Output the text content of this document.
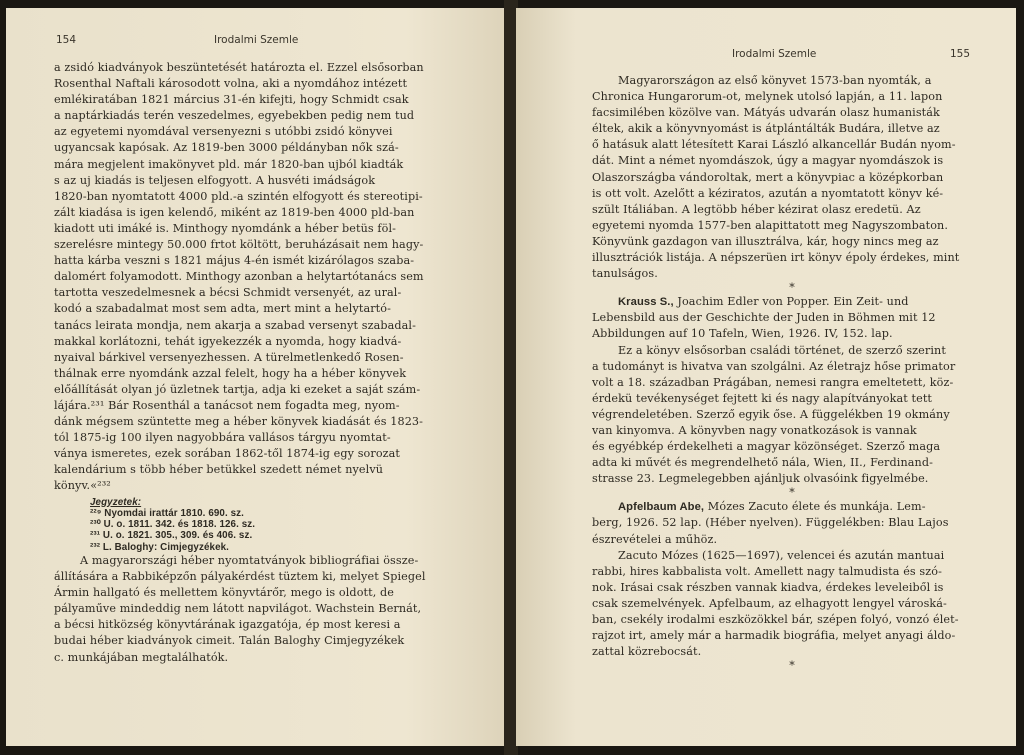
154	Irodalmi Szemle
a zsidó kiadványok beszüntetését határozta el. Ezzel elsősorban
Rosenthal Naftali károsodott volna, aki a nyomdához intézett
emlékiratában 1821 március 31-én kifejti, hogy Schmidt csak
a naptárkiadás terén veszedelmes, egyebekben pedig nem tud
az egyetemi nyomdával versenyezni s utóbbi zsidó könyvei
ugyancsak kapósak. Az 1819-ben 3000 példányban nők szá-
mára megjelent imakönyvet pld. már 1820-ban ujból kiadták
s az uj kiadás is teljesen elfogyott. A husvéti imádságok
1820-ban nyomtatott 4000 pld.-a szintén elfogyott és stereotipi-
zált kiadása is igen kelendő, miként az 1819-ben 4000 pld-ban
kiadott uti imáké is. Minthogy nyomdánk a héber betüs föl-
szerelésre mintegy 50.000 frtot költött, beruházásait nem hagy-
hatta kárba veszni s 1821 május 4-én ismét kizárólagos szaba-
dalomért folyamodott. Minthogy azonban a helytartótanács sem
tartotta veszedelmesnek a bécsi Schmidt versenyét, az ural-
kodó a szabadalmat most sem adta, mert mint a helytartó-
tanács leirata mondja, nem akarja a szabad versenyt szabadal-
makkal korlátozni, tehát igyekezzék a nyomda, hogy kiadvá-
nyaival bárkivel versenyezhessen. A türelmetlenkedő Rosen-
thálnak erre nyomdánk azzal felelt, hogy ha a héber könyvek
előállítását olyan jó üzletnek tartja, adja ki ezeket a saját szám-
lájára.²³¹ Bár Rosenthál a tanácsot nem fogadta meg, nyom-
dánk mégsem szüntette meg a héber könyvek kiadását és 1823-
tól 1875-ig 100 ilyen nagyobbára vallásos tárgyu nyomtat-
ványa ismeretes, ezek sorában 1862-től 1874-ig egy sorozat
kalendárium s több héber betükkel szedett német nyelvü
könyv.«²³²
Jegyzetek:
²²⁹ Nyomdai irattár 1810. 690. sz.
²³⁰ U. o. 1811. 342. és 1818. 126. sz.
²³¹ U. o. 1821. 305., 309. és 406. sz.
²³² L. Baloghy: Cimjegyzékek.
A magyarországi héber nyomtatványok bibliográfiai össze-
állítására a Rabbiképzőn pályakérdést tüztem ki, melyet Spiegel
Ármin hallgató és mellettem könyvtárőr, mego is oldott, de
pályaműve mindeddig nem látott napvilágot. Wachstein Bernát,
a bécsi hitközség könyvtárának igazgatója, ép most keresi a
budai héber kiadványok cimeit. Talán Baloghy Cimjegyzékek
c. munkájában megtalálhatók.
Irodalmi Szemle	155
Magyarországon az első könyvet 1573-ban nyomták, a
Chronica Hungarorum-ot, melynek utolsó lapján, a 11. lapon
facsimilében közölve van. Mátyás udvarán olasz humanisták
éltek, akik a könyvnyomást is átplántálták Budára, illetve az
ő hatásuk alatt létesített Karai László alkancellár Budán nyom-
dát. Mint a német nyomdászok, úgy a magyar nyomdászok is
Olaszországba vándoroltak, mert a könyvpiac a középkorban
is ott volt. Azelőtt a kéziratos, azután a nyomtatott könyv ké-
szült Itáliában. A legtöbb héber kézirat olasz eredetü. Az
egyetemi nyomda 1577-ben alapittatott meg Nagyszombaton.
Könyvünk gazdagon van illusztrálva, kár, hogy nincs meg az
illusztrációk listája. A népszerüen irt könyv époly érdekes, mint
tanulságos.
*
Krauss S., Joachim Edler von Popper. Ein Zeit- und
Lebensbild aus der Geschichte der Juden in Böhmen mit 12
Abbildungen auf 10 Tafeln, Wien, 1926. IV, 152. lap.
Ez a könyv elsősorban családi történet, de szerző szerint
a tudományt is hivatva van szolgálni. Az életrajz hőse primator
volt a 18. században Prágában, nemesi rangra emeltetett, köz-
érdekü tevékenységet fejtett ki és nagy alapítványokat tett
végrendeletében. Szerző egyik őse. A függelékben 19 okmány
van kinyomva. A könyvben nagy vonatkozások is vannak
és egyébkép érdekelheti a magyar közönséget. Szerző maga
adta ki művét és megrendelhető nála, Wien, II., Ferdinand-
strasse 23. Legmelegebben ajánljuk olvasóink figyelmébe.
*
Apfelbaum Abe, Mózes Zacuto élete és munkája. Lem-
berg, 1926. 52 lap. (Héber nyelven). Függelékben: Blau Lajos
észrevételei a műhöz.
Zacuto Mózes (1625—1697), velencei és azután mantuai
rabbi, hires kabbalista volt. Amellett nagy talmudista és szó-
nok. Irásai csak részben vannak kiadva, érdekes leveleiből is
csak szemelvények. Apfelbaum, az elhagyott lengyel városká-
ban, csekély irodalmi eszközökkel bár, szépen folyó, vonzó élet-
rajzot irt, amely már a harmadik biográfia, melyet anyagi áldo-
zattal közrebocsát.
*
